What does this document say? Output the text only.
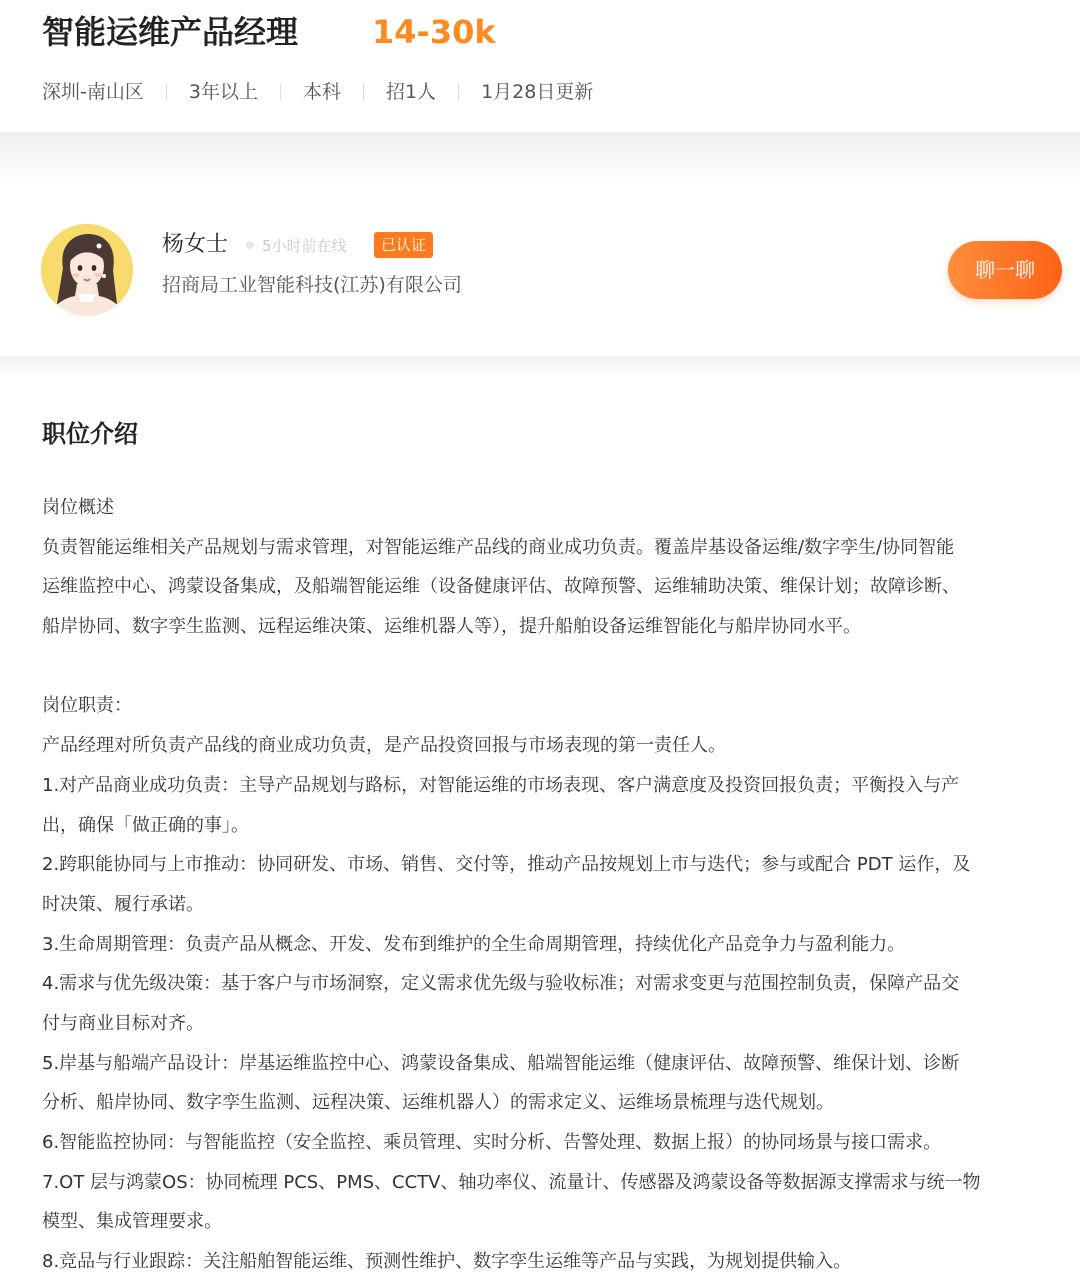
智能运维产品经理 14-30k
深圳-南山区 3年以上 本科 招1人 1月28日更新
杨女士 5小时前在线	已认证
招商局工业智能科技(江苏)有限公司
聊一聊
职位介绍
岗位概述
负责智能运维相关产品规划与需求管理，对智能运维产品线的商业成功负责。覆盖岸基设备运维/数字孪生/协同智能
运维监控中心、鸿蒙设备集成，及船端智能运维（设备健康评估、故障预警、运维辅助决策、维保计划；故障诊断、
船岸协同、数字孪生监测、远程运维决策、运维机器人等），提升船舶设备运维智能化与船岸协同水平。
岗位职责：
产品经理对所负责产品线的商业成功负责，是产品投资回报与市场表现的第一责任人。
1.对产品商业成功负责：主导产品规划与路标，对智能运维的市场表现、客户满意度及投资回报负责；平衡投入与产
出，确保「做正确的事」。
2.跨职能协同与上市推动：协同研发、市场、销售、交付等，推动产品按规划上市与迭代；参与或配合 PDT 运作，及
时决策、履行承诺。
3.生命周期管理：负责产品从概念、开发、发布到维护的全生命周期管理，持续优化产品竞争力与盈利能力。
4.需求与优先级决策：基于客户与市场洞察，定义需求优先级与验收标准；对需求变更与范围控制负责，保障产品交
付与商业目标对齐。
5.岸基与船端产品设计：岸基运维监控中心、鸿蒙设备集成、船端智能运维（健康评估、故障预警、维保计划、诊断
分析、船岸协同、数字孪生监测、远程决策、运维机器人）的需求定义、运维场景梳理与迭代规划。
6.智能监控协同：与智能监控（安全监控、乘员管理、实时分析、告警处理、数据上报）的协同场景与接口需求。
7.OT 层与鸿蒙OS：协同梳理 PCS、PMS、CCTV、轴功率仪、流量计、传感器及鸿蒙设备等数据源支撑需求与统一物
模型、集成管理要求。
8.竞品与行业跟踪：关注船舶智能运维、预测性维护、数字孪生运维等产品与实践，为规划提供输入。
